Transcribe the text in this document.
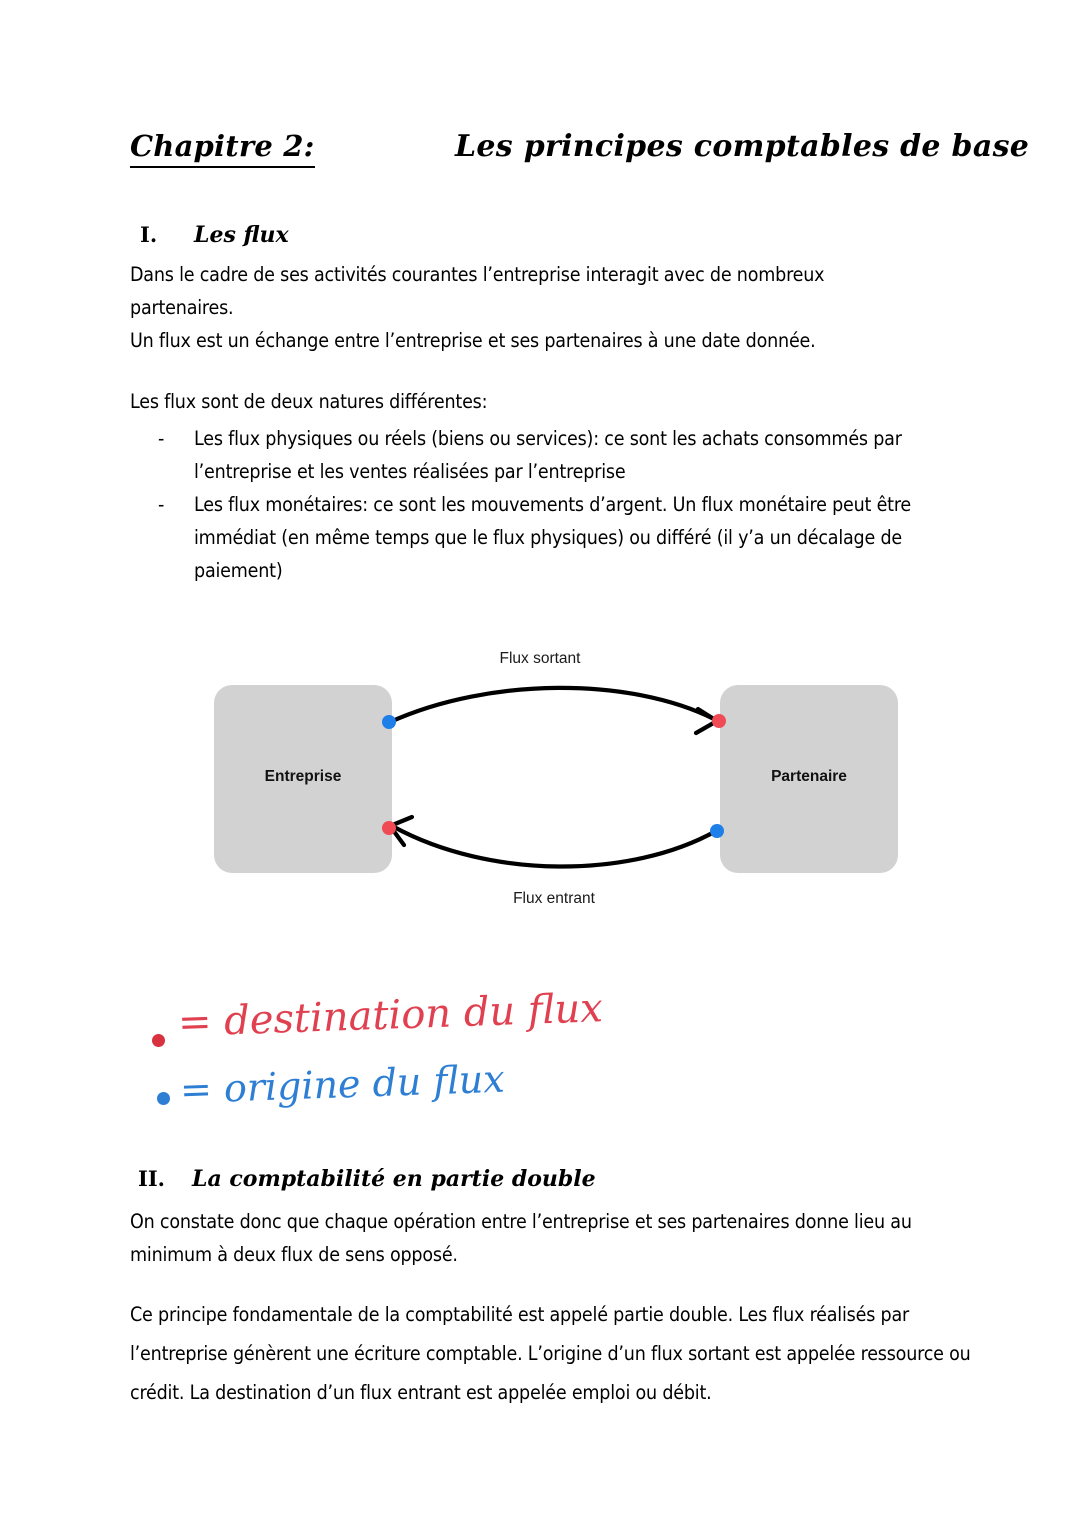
Chapitre 2:	Les principes comptables de base
I. Les flux
Dans le cadre de ses activités courantes l’entreprise interagit avec de nombreux
partenaires.
Un flux est un échange entre l’entreprise et ses partenaires à une date donnée.
Les flux sont de deux natures différentes:
- Les flux physiques ou réels (biens ou services): ce sont les achats consommés par l’entreprise et les ventes réalisées par l’entreprise
- Les flux monétaires: ce sont les mouvements d’argent. Un flux monétaire peut être immédiat (en même temps que le flux physiques) ou différé (il y’a un décalage de paiement)
Entreprise	Partenaire
Flux sortant
Flux entrant
= destination du flux
= origine du flux
II. La comptabilité en partie double
On constate donc que chaque opération entre l’entreprise et ses partenaires donne lieu au minimum à deux flux de sens opposé.
Ce principe fondamentale de la comptabilité est appelé partie double. Les flux réalisés par l’entreprise génèrent une écriture comptable. L’origine d’un flux sortant est appelée ressource ou crédit. La destination d’un flux entrant est appelée emploi ou débit.
